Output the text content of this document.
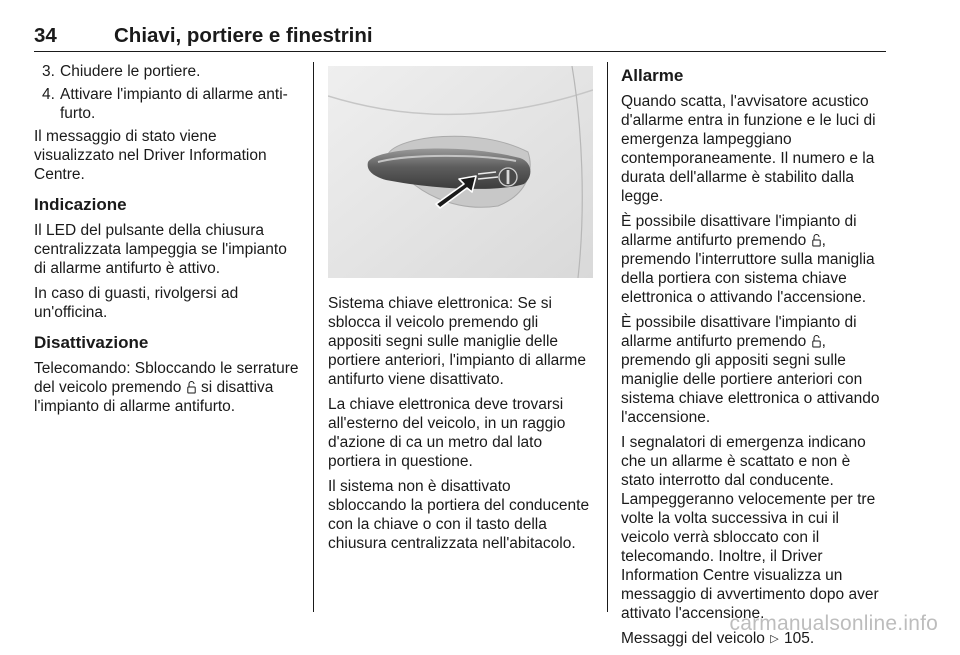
34	Chiavi, portiere e finestrini
3. Chiudere le portiere.
4. Attivare l'impianto di allarme anti-furto.

Il messaggio di stato viene visualizzato nel Driver Information Centre.

Indicazione

Il LED del pulsante della chiusura centralizzata lampeggia se l'impianto di allarme antifurto è attivo.

In caso di guasti, rivolgersi ad un'officina.

Disattivazione

Telecomando: Sbloccando le serrature del veicolo premendo si disattiva l'impianto di allarme antifurto.

Sistema chiave elettronica: Se si sblocca il veicolo premendo gli appositi segni sulle maniglie delle portiere anteriori, l'impianto di allarme antifurto viene disattivato.

La chiave elettronica deve trovarsi all'esterno del veicolo, in un raggio d'azione di ca un metro dal lato portiera in questione.

Il sistema non è disattivato sbloccando la portiera del conducente con la chiave o con il tasto della chiusura centralizzata nell'abitacolo.

Allarme

Quando scatta, l'avvisatore acustico d'allarme entra in funzione e le luci di emergenza lampeggiano contemporaneamente. Il numero e la durata dell'allarme è stabilito dalla legge.

È possibile disattivare l'impianto di allarme antifurto premendo , premendo l'interruttore sulla maniglia della portiera con sistema chiave elettronica o attivando l'accensione.

È possibile disattivare l'impianto di allarme antifurto premendo , premendo gli appositi segni sulle maniglie delle portiere anteriori con sistema chiave elettronica o attivando l'accensione.

I segnalatori di emergenza indicano che un allarme è scattato e non è stato interrotto dal conducente. Lampeggeranno velocemente per tre volte la volta successiva in cui il veicolo verrà sbloccato con il telecomando. Inoltre, il Driver Information Centre visualizza un messaggio di avvertimento dopo aver attivato l'accensione.

Messaggi del veicolo ▷ 105.

carmanualsonline.info
